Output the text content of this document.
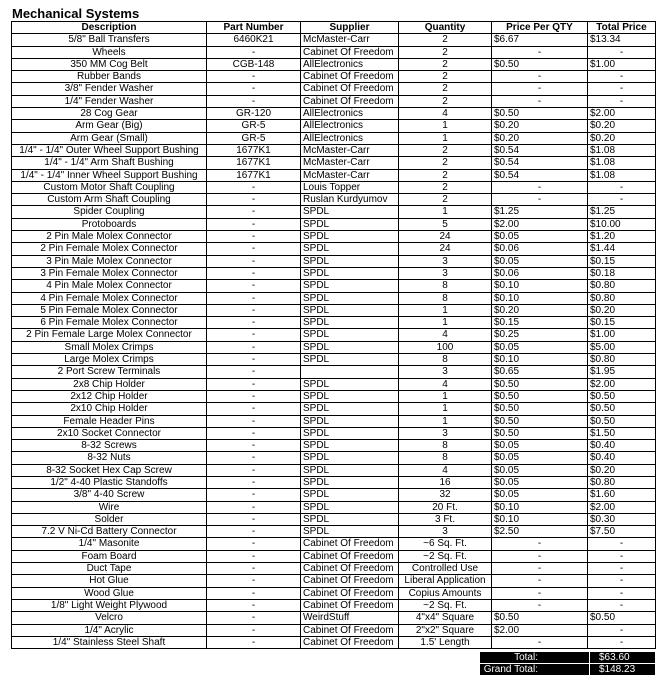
Mechanical Systems
Description	Part Number	Supplier	Quantity	Price Per QTY	Total Price
5/8" Ball Transfers	6460K21	McMaster-Carr	2	$6.67	$13.34
Wheels	-	Cabinet Of Freedom	2	-	-
350 MM Cog Belt	CGB-148	AllElectronics	2	$0.50	$1.00
Rubber Bands	-	Cabinet Of Freedom	2	-	-
3/8" Fender Washer	-	Cabinet Of Freedom	2	-	-
1/4" Fender Washer	-	Cabinet Of Freedom	2	-	-
28 Cog Gear	GR-120	AllElectronics	4	$0.50	$2.00
Arm Gear (Big)	GR-5	AllElectronics	1	$0.20	$0.20
Arm Gear (Small)	GR-5	AllElectronics	1	$0.20	$0.20
1/4" - 1/4" Outer Wheel Support Bushing	1677K1	McMaster-Carr	2	$0.54	$1.08
1/4" - 1/4" Arm Shaft Bushing	1677K1	McMaster-Carr	2	$0.54	$1.08
1/4" - 1/4" Inner Wheel Support Bushing	1677K1	McMaster-Carr	2	$0.54	$1.08
Custom Motor Shaft Coupling	-	Louis Topper	2	-	-
Custom Arm Shaft Coupling	-	Ruslan Kurdyumov	2	-	-
Spider Coupling	-	SPDL	1	$1.25	$1.25
Protoboards	-	SPDL	5	$2.00	$10.00
2 Pin Male Molex Connector	-	SPDL	24	$0.05	$1.20
2 Pin Female Molex Connector	-	SPDL	24	$0.06	$1.44
3 Pin Male Molex Connector	-	SPDL	3	$0.05	$0.15
3 Pin Female Molex Connector	-	SPDL	3	$0.06	$0.18
4 Pin Male Molex Connector	-	SPDL	8	$0.10	$0.80
4 Pin Female Molex Connector	-	SPDL	8	$0.10	$0.80
5 Pin Female Molex Connector	-	SPDL	1	$0.20	$0.20
6 Pin Female Molex Connector	-	SPDL	1	$0.15	$0.15
2 Pin Female Large Molex Connector	-	SPDL	4	$0.25	$1.00
Small Molex Crimps	-	SPDL	100	$0.05	$5.00
Large Molex Crimps	-	SPDL	8	$0.10	$0.80
2 Port Screw Terminals	-		3	$0.65	$1.95
2x8 Chip Holder	-	SPDL	4	$0.50	$2.00
2x12 Chip Holder	-	SPDL	1	$0.50	$0.50
2x10 Chip Holder	-	SPDL	1	$0.50	$0.50
Female Header Pins	-	SPDL	1	$0.50	$0.50
2x10 Socket Connector	-	SPDL	3	$0.50	$1.50
8-32 Screws	-	SPDL	8	$0.05	$0.40
8-32 Nuts	-	SPDL	8	$0.05	$0.40
8-32 Socket Hex Cap Screw	-	SPDL	4	$0.05	$0.20
1/2" 4-40 Plastic Standoffs	-	SPDL	16	$0.05	$0.80
3/8" 4-40 Screw	-	SPDL	32	$0.05	$1.60
Wire	-	SPDL	20 Ft.	$0.10	$2.00
Solder	-	SPDL	3 Ft.	$0.10	$0.30
7.2 V Ni-Cd Battery Connector	-	SPDL	3	$2.50	$7.50
1/4" Masonite	-	Cabinet Of Freedom	~6 Sq. Ft.	-	-
Foam Board	-	Cabinet Of Freedom	~2 Sq. Ft.	-	-
Duct Tape	-	Cabinet Of Freedom	Controlled Use	-	-
Hot Glue	-	Cabinet Of Freedom	Liberal Application	-	-
Wood Glue	-	Cabinet Of Freedom	Copius Amounts	-	-
1/8" Light Weight Plywood	-	Cabinet Of Freedom	~2 Sq. Ft.	-	-
Velcro	-	WeirdStuff	4"x4" Square	$0.50	$0.50
1/4" Acrylic	-	Cabinet Of Freedom	2"x2" Square	$2.00	-
1/4" Stainless Steel Shaft	-	Cabinet Of Freedom	1.5' Length	-	-
Total:	$63.60
Grand Total:	$148.23
